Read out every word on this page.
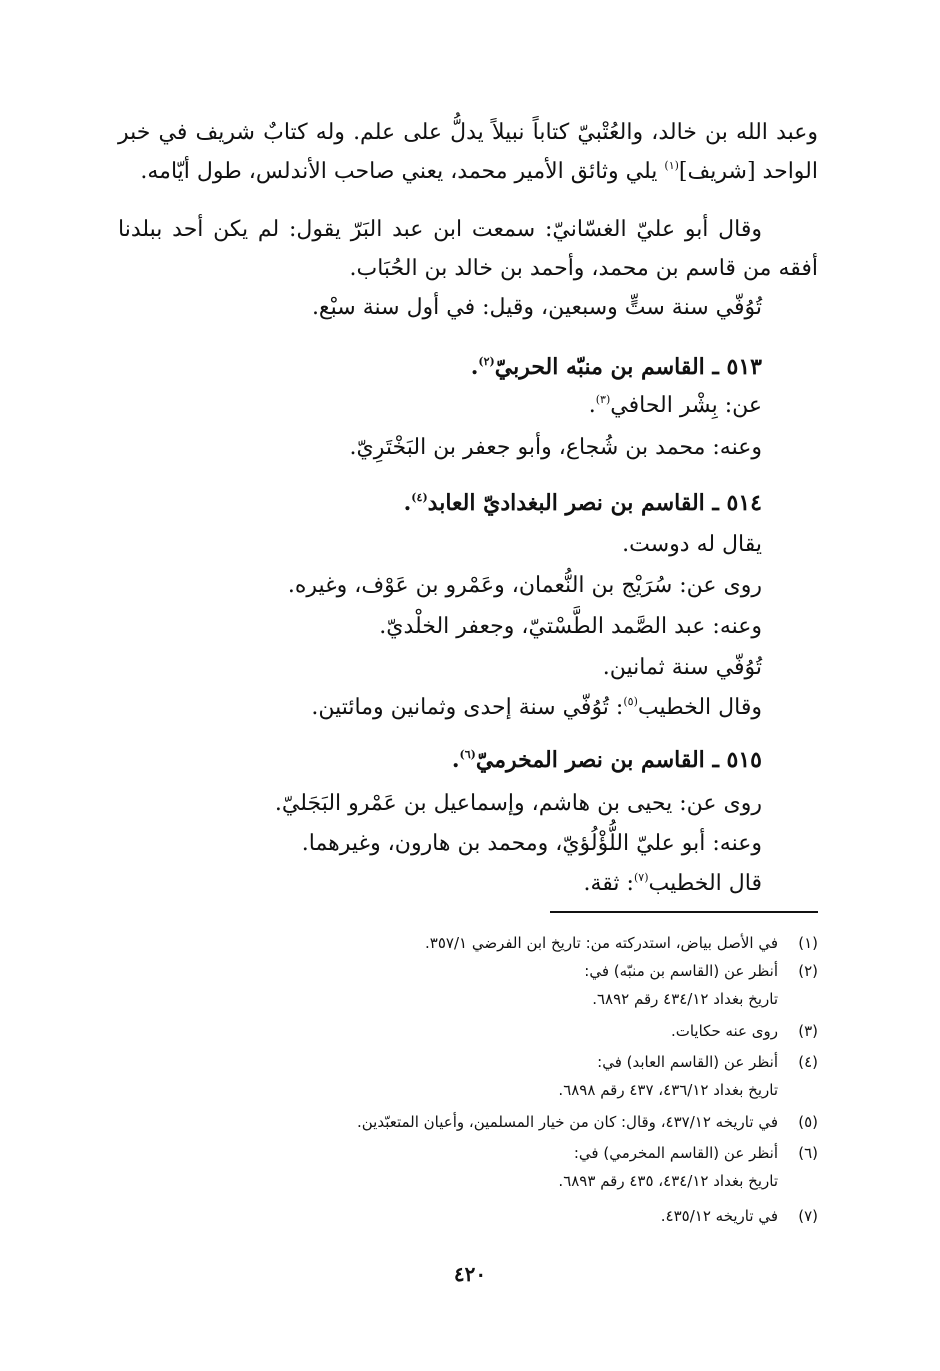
وعبد الله بن خالد، والعُتْبيّ كتاباً نبيلاً يدلُّ على علم. وله كتابٌ شريف في خبر
الواحد [شريف]$^{(١)}$ يلي وثائق الأمير محمد، يعني صاحب الأندلس، طول أيّامه.
وقال أبو عليّ الغسّانيّ: سمعت ابن عبد البَرّ يقول: لم يكن أحد ببلدنا
أفقه من قاسم بن محمد، وأحمد بن خالد بن الحُبَاب.
تُوُفّي سنة ستٍّ وسبعين، وقيل: في أول سنة سبْع.
٥١٣ ـ القاسم بن منبّه الحربيّ$^{(٢)}$.
عن: بِشْر الحافي$^{(٣)}$.
وعنه: محمد بن شُجاع، وأبو جعفر بن البَخْتَرِيّ.
٥١٤ ـ القاسم بن نصر البغداديّ العابد$^{(٤)}$.
يقال له دوست.
روى عن: سُرَيْج بن النُّعمان، وعَمْرو بن عَوْف، وغيره.
وعنه: عبد الصَّمد الطَّسْتيّ، وجعفر الخلْديّ.
تُوُفّي سنة ثمانين.
وقال الخطيب$^{(٥)}$: تُوُفّي سنة إحدى وثمانين ومائتين.
٥١٥ ـ القاسم بن نصر المخرميّ$^{(٦)}$.
روى عن: يحيى بن هاشم، وإسماعيل بن عَمْرو البَجَليّ.
وعنه: أبو عليّ اللُّؤْلُؤيّ، ومحمد بن هارون، وغيرهما.
قال الخطيب$^{(٧)}$: ثقة.
(١)في الأصل بياض، استدركته من: تاريخ ابن الفرضي ٣٥٧/١.
(٢)أنظر عن (القاسم بن منبّه) في:
تاريخ بغداد ٤٣٤/١٢ رقم ٦٨٩٢.
(٣)روى عنه حكايات.
(٤)أنظر عن (القاسم العابد) في:
تاريخ بغداد ٤٣٦/١٢، ٤٣٧ رقم ٦٨٩٨.
(٥)في تاريخه ٤٣٧/١٢، وقال: كان من خيار المسلمين، وأعيان المتعبّدين.
(٦)أنظر عن (القاسم المخرمي) في:
تاريخ بغداد ٤٣٤/١٢، ٤٣٥ رقم ٦٨٩٣.
(٧)في تاريخه ٤٣٥/١٢.
٤٢٠
